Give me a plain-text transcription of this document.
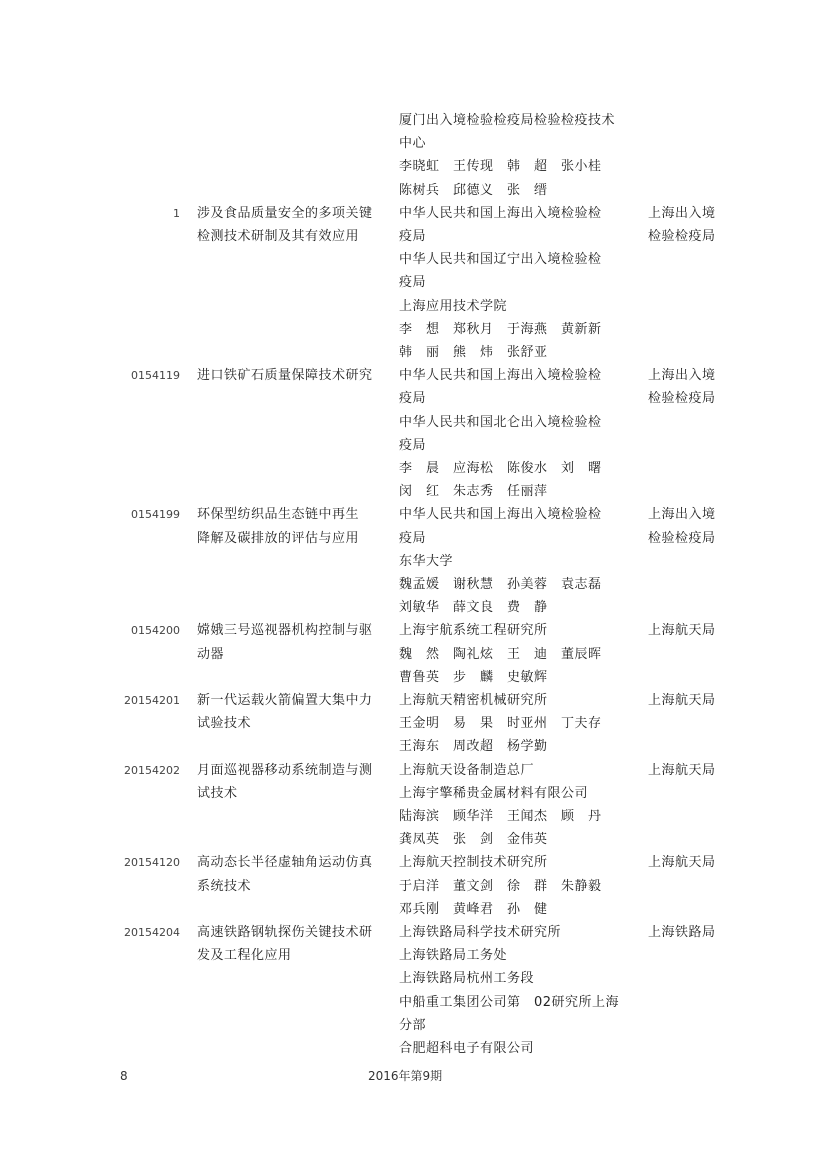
厦门出入境检验检疫局检验检疫技术
中心
李晓虹　王传现　韩　超　张小桂
陈树兵　邱德义　张　缙
1 涉及食品质量安全的多项关键
检测技术研制及其有效应用
中华人民共和国上海出入境检验检
疫局
中华人民共和国辽宁出入境检验检
疫局
上海应用技术学院
李　想　郑秋月　于海燕　黄新新
韩　丽　熊　炜　张舒亚
上海出入境
检验检疫局
0154119 进口铁矿石质量保障技术研究	中华人民共和国上海出入境检验检
疫局
中华人民共和国北仑出入境检验检
疫局
李　晨　应海松　陈俊水　刘　曙
闵　红　朱志秀　任丽萍
上海出入境
检验检疫局
0154199 环保型纺织品生态链中再生
降解及碳排放的评估与应用
中华人民共和国上海出入境检验检
疫局
东华大学
魏孟媛　谢秋慧　孙美蓉　袁志磊
刘敏华　薛文良　费　静
上海出入境
检验检疫局
0154200 嫦娥三号巡视器机构控制与驱
动器
上海宇航系统工程研究所
魏　然　陶礼炫　王　迪　董辰晖
曹鲁英　步　麟　史敏辉
上海航天局
20154201 新一代运载火箭偏置大集中力
试验技术
上海航天精密机械研究所
王金明　易　果　时亚州　丁夫存
王海东　周改超　杨学勤
上海航天局
20154202 月面巡视器移动系统制造与测
试技术
上海航天设备制造总厂
上海宇擎稀贵金属材料有限公司
陆海滨　顾华洋　王闻杰　顾　丹
龚凤英　张　剑　金伟英
上海航天局
20154120 高动态长半径虚轴角运动仿真
系统技术
上海航天控制技术研究所
于启洋　董文剑　徐　群　朱静毅
邓兵刚　黄峰君　孙　健
上海航天局
20154204 高速铁路钢轨探伤关键技术研
发及工程化应用
上海铁路局科学技术研究所
上海铁路局工务处
上海铁路局杭州工务段
中船重工集团公司第　02研究所上海
分部
合肥超科电子有限公司
上海铁路局
8	2016年第9期
